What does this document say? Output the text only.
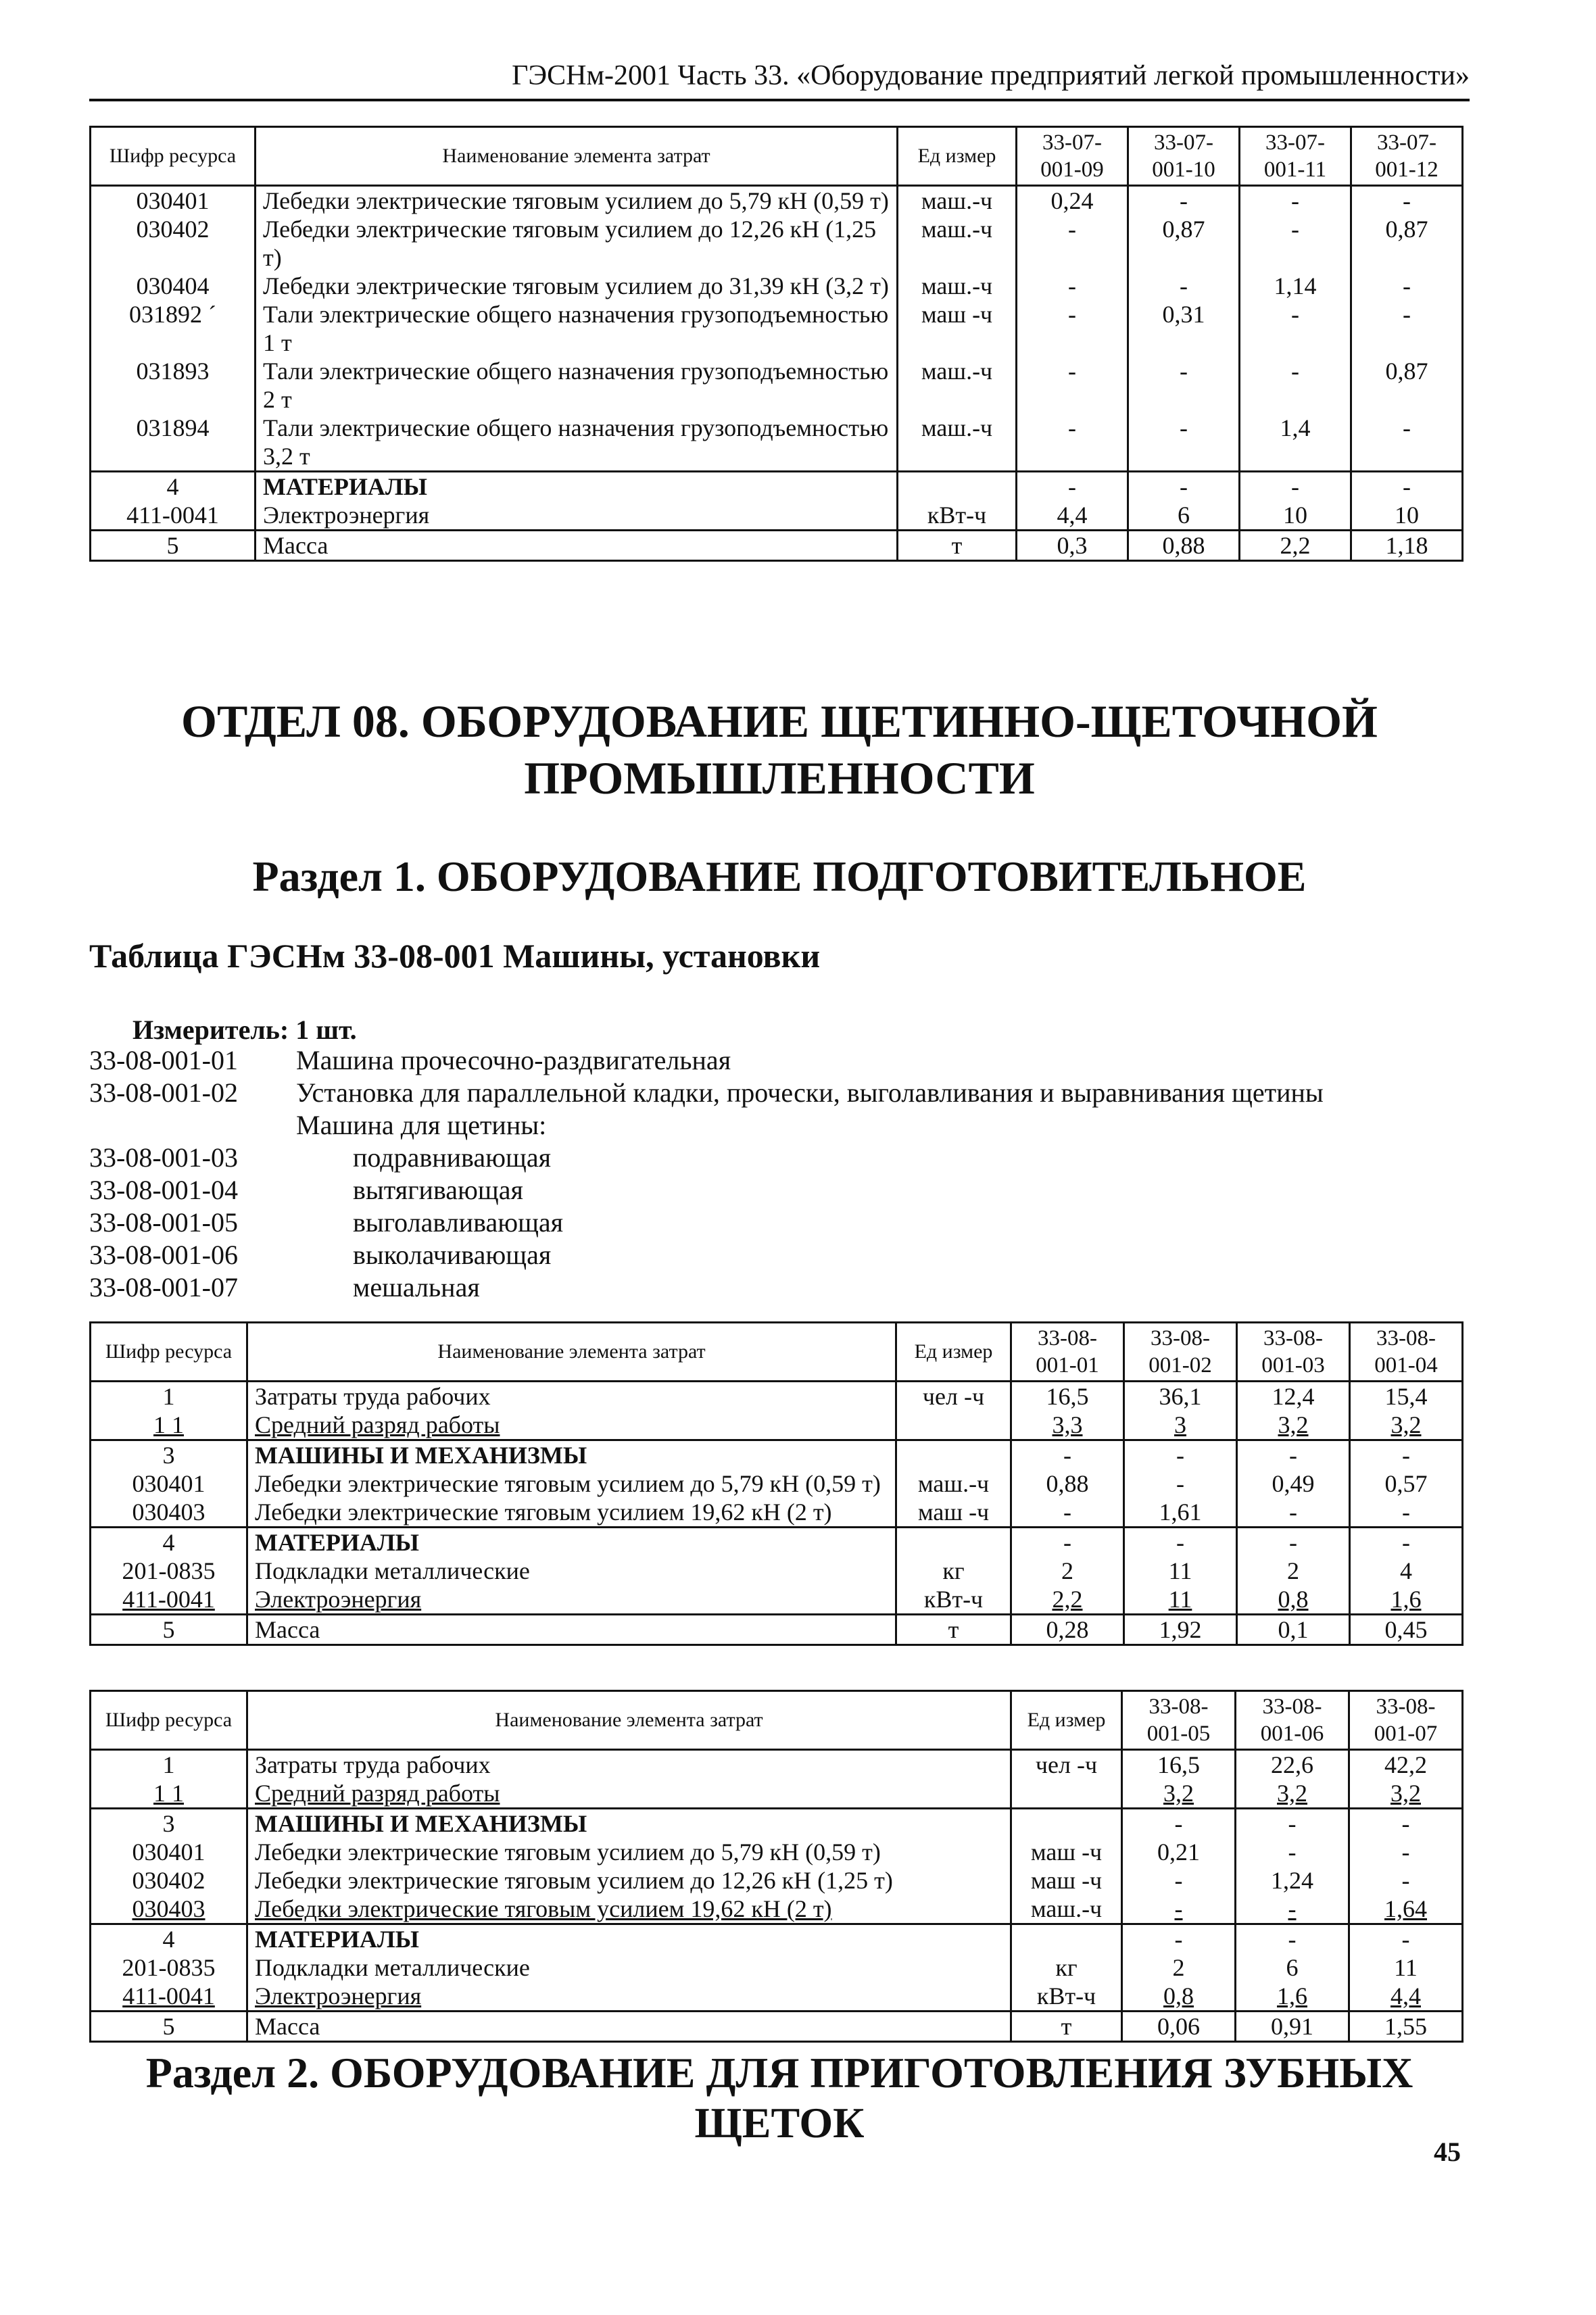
ГЭСНм-2001 Часть 33. «Оборудование предприятий легкой промышленности»
Шифр ресурса	Наименование элемента затрат	Ед измер	33-07-001-09	33-07-001-10	33-07-001-11	33-07-001-12
030401	Лебедки электрические тяговым усилием до 5,79 кН (0,59 т)	маш.-ч	0,24	-	-	-
030402	Лебедки электрические тяговым усилием до 12,26 кН (1,25 т)	маш.-ч	-	0,87	-	0,87
030404	Лебедки электрические тяговым усилием до 31,39 кН (3,2 т)	маш.-ч	-	-	1,14	-
031892 ´	Тали электрические общего назначения грузоподъемностью 1 т	маш -ч	-	0,31	-	-
031893	Тали электрические общего назначения грузоподъемностью 2 т	маш.-ч	-	-	-	0,87
031894	Тали электрические общего назначения грузоподъемностью 3,2 т	маш.-ч	-	-	1,4	-
4	МАТЕРИАЛЫ		-	-	-	-
411-0041	Электроэнергия	кВт-ч	4,4	6	10	10
5	Масса	т	0,3	0,88	2,2	1,18
ОТДЕЛ 08. ОБОРУДОВАНИЕ ЩЕТИННО-ЩЕТОЧНОЙ ПРОМЫШЛЕННОСТИ
Раздел 1. ОБОРУДОВАНИЕ ПОДГОТОВИТЕЛЬНОЕ
Таблица ГЭСНм 33-08-001 Машины, установки
Измеритель: 1 шт.
33-08-001-01	Машина прочесочно-раздвигательная
33-08-001-02	Установка для параллельной кладки, прочески, выголавливания и выравнивания щетины
Машина для щетины:
33-08-001-03	подравнивающая
33-08-001-04	вытягивающая
33-08-001-05	выголавливающая
33-08-001-06	выколачивающая
33-08-001-07	мешальная
Шифр ресурса	Наименование элемента затрат	Ед измер	33-08-001-01	33-08-001-02	33-08-001-03	33-08-001-04
1	Затраты труда рабочих	чел -ч	16,5	36,1	12,4	15,4
1 1	Средний разряд работы		3,3	3	3,2	3,2
3	МАШИНЫ И МЕХАНИЗМЫ		-	-	-	-
030401	Лебедки электрические тяговым усилием до 5,79 кН (0,59 т)	маш.-ч	0,88	-	0,49	0,57
030403	Лебедки электрические тяговым усилием 19,62 кН (2 т)	маш -ч	-	1,61	-	-
4	МАТЕРИАЛЫ		-	-	-	-
201-0835	Подкладки металлические	кг	2	11	2	4
411-0041	Электроэнергия	кВт-ч	2,2	11	0,8	1,6
5	Масса	т	0,28	1,92	0,1	0,45
Шифр ресурса	Наименование элемента затрат	Ед измер	33-08-001-05	33-08-001-06	33-08-001-07
1	Затраты труда рабочих	чел -ч	16,5	22,6	42,2
1 1	Средний разряд работы		3,2	3,2	3,2
3	МАШИНЫ И МЕХАНИЗМЫ		-	-	-
030401	Лебедки электрические тяговым усилием до 5,79 кН (0,59 т)	маш -ч	0,21	-	-
030402	Лебедки электрические тяговым усилием до 12,26 кН (1,25 т)	маш -ч	-	1,24	-
030403	Лебедки электрические тяговым усилием 19,62 кН (2 т)	маш.-ч	-	-	1,64
4	МАТЕРИАЛЫ		-	-	-
201-0835	Подкладки металлические	кг	2	6	11
411-0041	Электроэнергия	кВт-ч	0,8	1,6	4,4
5	Масса	т	0,06	0,91	1,55
Раздел 2. ОБОРУДОВАНИЕ ДЛЯ ПРИГОТОВЛЕНИЯ ЗУБНЫХ ЩЕТОК
45
